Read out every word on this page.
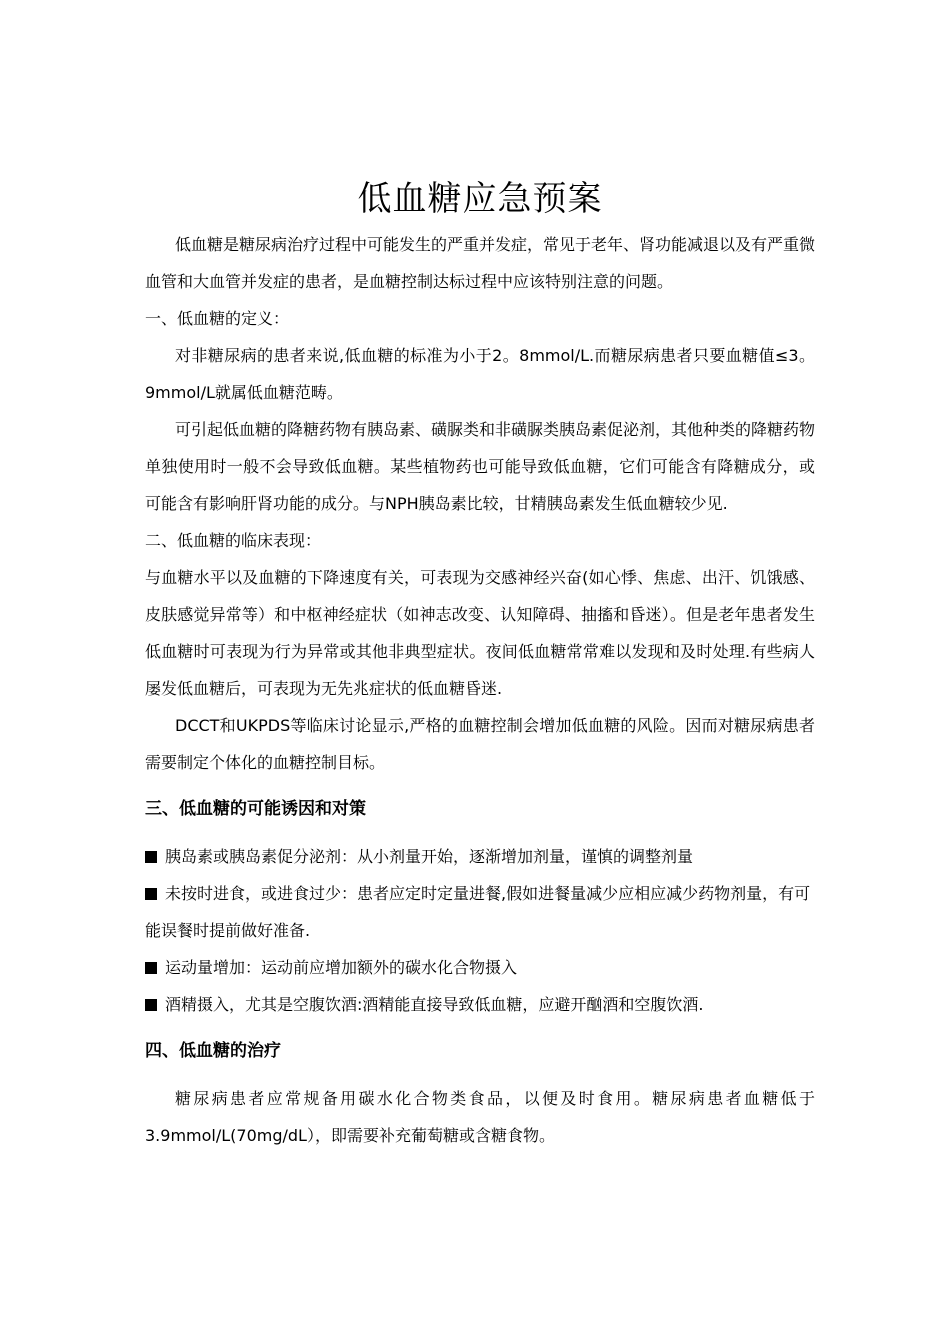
低血糖应急预案

低血糖是糖尿病治疗过程中可能发生的严重并发症，常见于老年、肾功能减退以及有严重微血管和大血管并发症的患者，是血糖控制达标过程中应该特别注意的问题。

一、低血糖的定义：

对非糖尿病的患者来说,低血糖的标准为小于2。8mmol/L.而糖尿病患者只要血糖值≤3。9mmol/L就属低血糖范畴。

可引起低血糖的降糖药物有胰岛素、磺脲类和非磺脲类胰岛素促泌剂，其他种类的降糖药物单独使用时一般不会导致低血糖。某些植物药也可能导致低血糖，它们可能含有降糖成分，或可能含有影响肝肾功能的成分。与NPH胰岛素比较，甘精胰岛素发生低血糖较少见.

二、低血糖的临床表现：

与血糖水平以及血糖的下降速度有关，可表现为交感神经兴奋(如心悸、焦虑、出汗、饥饿感、皮肤感觉异常等）和中枢神经症状（如神志改变、认知障碍、抽搐和昏迷）。但是老年患者发生低血糖时可表现为行为异常或其他非典型症状。夜间低血糖常常难以发现和及时处理.有些病人屡发低血糖后，可表现为无先兆症状的低血糖昏迷.

DCCT和UKPDS等临床讨论显示,严格的血糖控制会增加低血糖的风险。因而对糖尿病患者需要制定个体化的血糖控制目标。

三、低血糖的可能诱因和对策

胰岛素或胰岛素促分泌剂：从小剂量开始，逐渐增加剂量，谨慎的调整剂量

未按时进食，或进食过少：患者应定时定量进餐,假如进餐量减少应相应减少药物剂量，有可能误餐时提前做好准备.

运动量增加：运动前应增加额外的碳水化合物摄入

酒精摄入，尤其是空腹饮酒:酒精能直接导致低血糖，应避开酗酒和空腹饮酒.

四、低血糖的治疗

糖尿病患者应常规备用碳水化合物类食品，以便及时食用。糖尿病患者血糖低于3.9mmol/L(70mg/dL），即需要补充葡萄糖或含糖食物。
